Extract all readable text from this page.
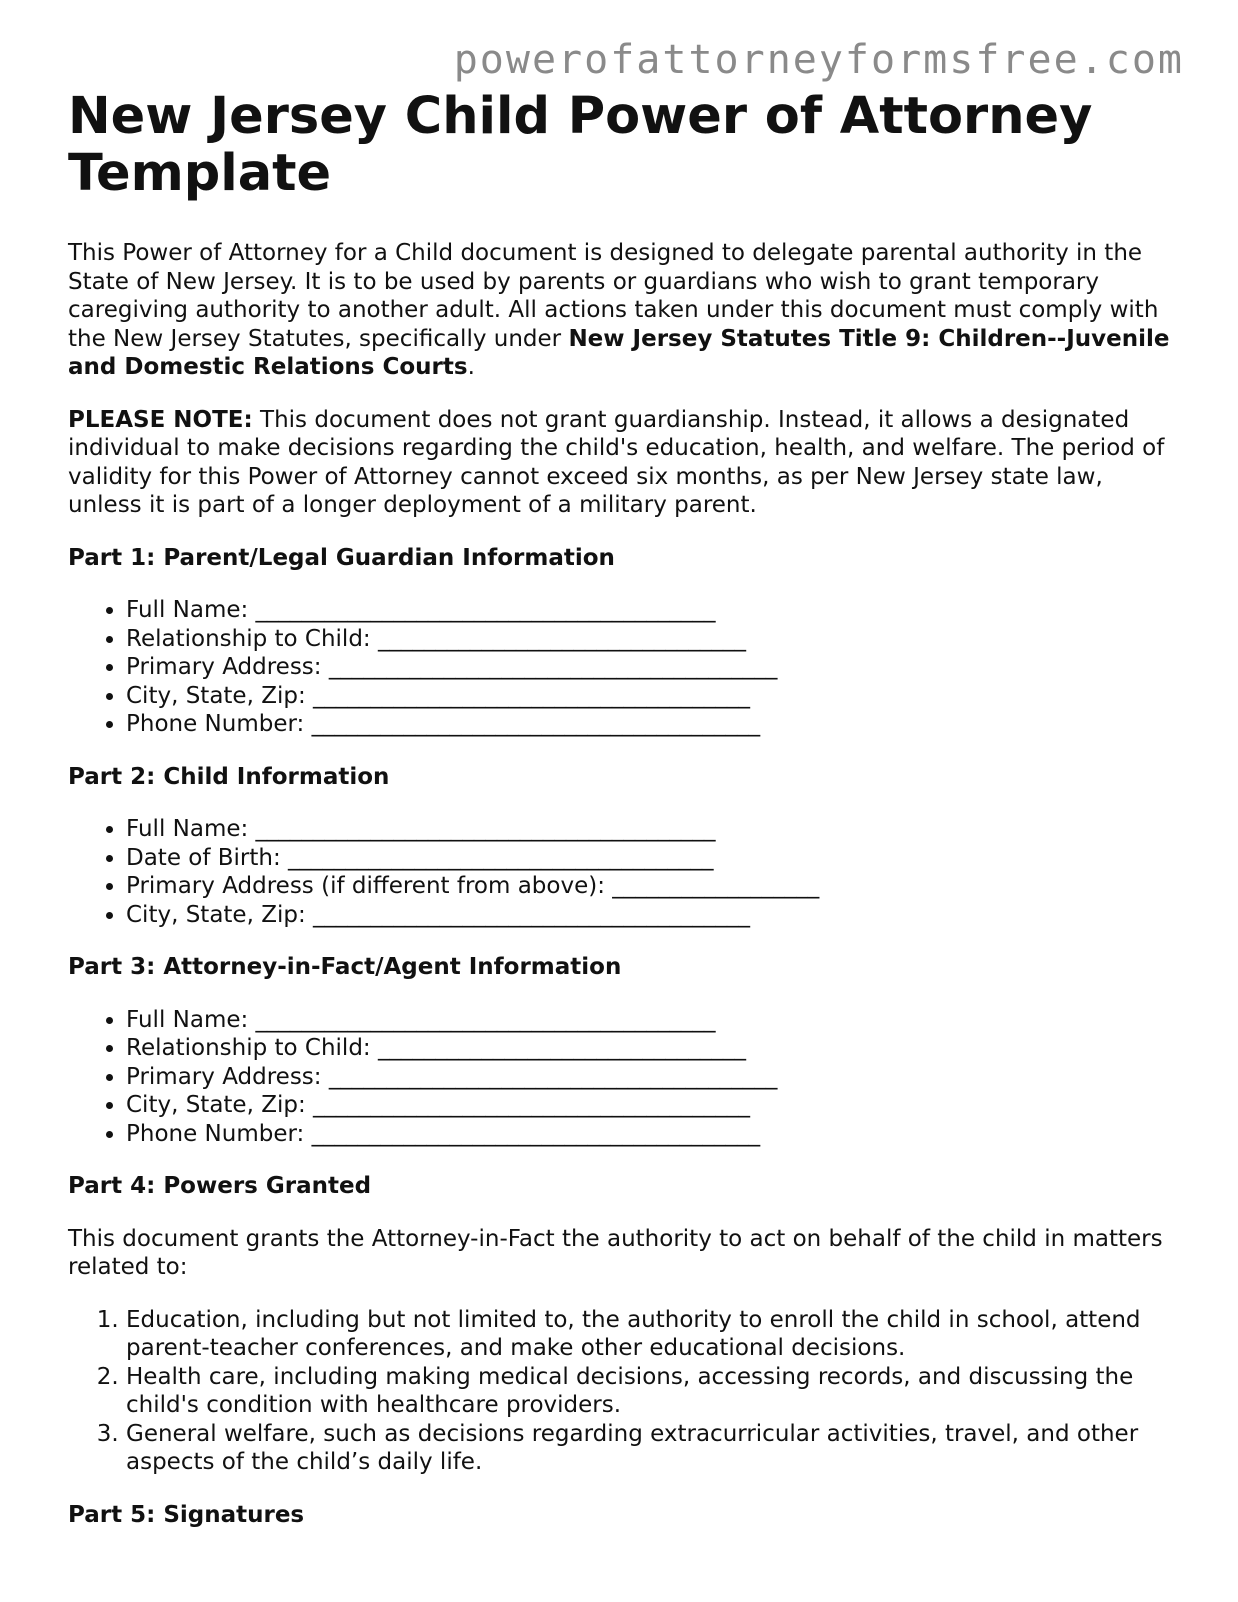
powerofattorneyformsfree.com
New Jersey Child Power of Attorney Template

This Power of Attorney for a Child document is designed to delegate parental authority in the State of New Jersey. It is to be used by parents or guardians who wish to grant temporary caregiving authority to another adult. All actions taken under this document must comply with the New Jersey Statutes, specifically under New Jersey Statutes Title 9: Children--Juvenile and Domestic Relations Courts.

PLEASE NOTE: This document does not grant guardianship. Instead, it allows a designated individual to make decisions regarding the child's education, health, and welfare. The period of validity for this Power of Attorney cannot exceed six months, as per New Jersey state law, unless it is part of a longer deployment of a military parent.

Part 1: Parent/Legal Guardian Information
• Full Name: ________________________________________
• Relationship to Child: ________________________________
• Primary Address: _______________________________________
• City, State, Zip: ______________________________________
• Phone Number: _______________________________________
Part 2: Child Information
• Full Name: ________________________________________
• Date of Birth: _____________________________________
• Primary Address (if different from above): __________________
• City, State, Zip: ______________________________________
Part 3: Attorney-in-Fact/Agent Information
• Full Name: ________________________________________
• Relationship to Child: ________________________________
• Primary Address: _______________________________________
• City, State, Zip: ______________________________________
• Phone Number: _______________________________________
Part 4: Powers Granted

This document grants the Attorney-in-Fact the authority to act on behalf of the child in matters related to:

1. Education, including but not limited to, the authority to enroll the child in school, attend parent-teacher conferences, and make other educational decisions.
2. Health care, including making medical decisions, accessing records, and discussing the child's condition with healthcare providers.
3. General welfare, such as decisions regarding extracurricular activities, travel, and other aspects of the child’s daily life.
Part 5: Signatures
